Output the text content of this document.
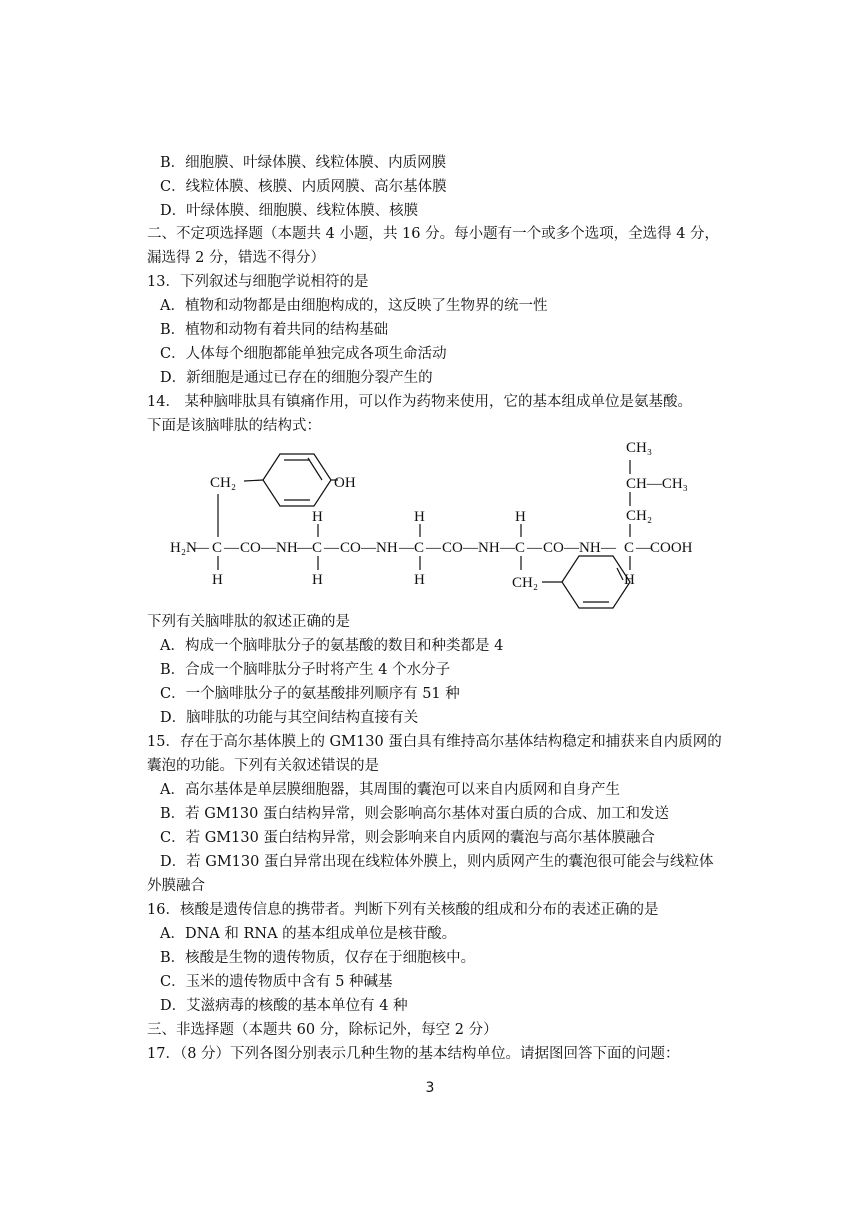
B．细胞膜、叶绿体膜、线粒体膜、内质网膜
C．线粒体膜、核膜、内质网膜、高尔基体膜
D．叶绿体膜、细胞膜、线粒体膜、核膜
二、不定项选择题（本题共 4 小题，共 16 分。每小题有一个或多个选项，全选得 4 分，
漏选得 2 分，错选不得分）
13．下列叙述与细胞学说相符的是
A．植物和动物都是由细胞构成的，这反映了生物界的统一性
B．植物和动物有着共同的结构基础
C．人体每个细胞都能单独完成各项生命活动
D．新细胞是通过已存在的细胞分裂产生的
14． 某种脑啡肽具有镇痛作用，可以作为药物来使用，它的基本组成单位是氨基酸。
下面是该脑啡肽的结构式：
CH₃
CH—CH₃
CH₂
CH₂	OH
H	H	H
H₂N
— C — CO — NH — C — CO — NH — C — CO — NH — C — CO — NH — C — COOH
H	H	H	CH₂	H
下列有关脑啡肽的叙述正确的是
A．构成一个脑啡肽分子的氨基酸的数目和种类都是 4
B．合成一个脑啡肽分子时将产生 4 个水分子
C．一个脑啡肽分子的氨基酸排列顺序有 51 种
D．脑啡肽的功能与其空间结构直接有关
15．存在于高尔基体膜上的 GM130 蛋白具有维持高尔基体结构稳定和捕获来自内质网的
囊泡的功能。下列有关叙述错误的是
A．高尔基体是单层膜细胞器，其周围的囊泡可以来自内质网和自身产生
B．若 GM130 蛋白结构异常，则会影响高尔基体对蛋白质的合成、加工和发送
C．若 GM130 蛋白结构异常，则会影响来自内质网的囊泡与高尔基体膜融合
D．若 GM130 蛋白异常出现在线粒体外膜上，则内质网产生的囊泡很可能会与线粒体
外膜融合
16．核酸是遗传信息的携带者。判断下列有关核酸的组成和分布的表述正确的是
A．DNA 和 RNA 的基本组成单位是核苷酸。
B．核酸是生物的遗传物质，仅存在于细胞核中。
C．玉米的遗传物质中含有 5 种碱基
D．艾滋病毒的核酸的基本单位有 4 种
三、非选择题（本题共 60 分，除标记外，每空 2 分）
17．（8 分）下列各图分别表示几种生物的基本结构单位。请据图回答下面的问题：
3
